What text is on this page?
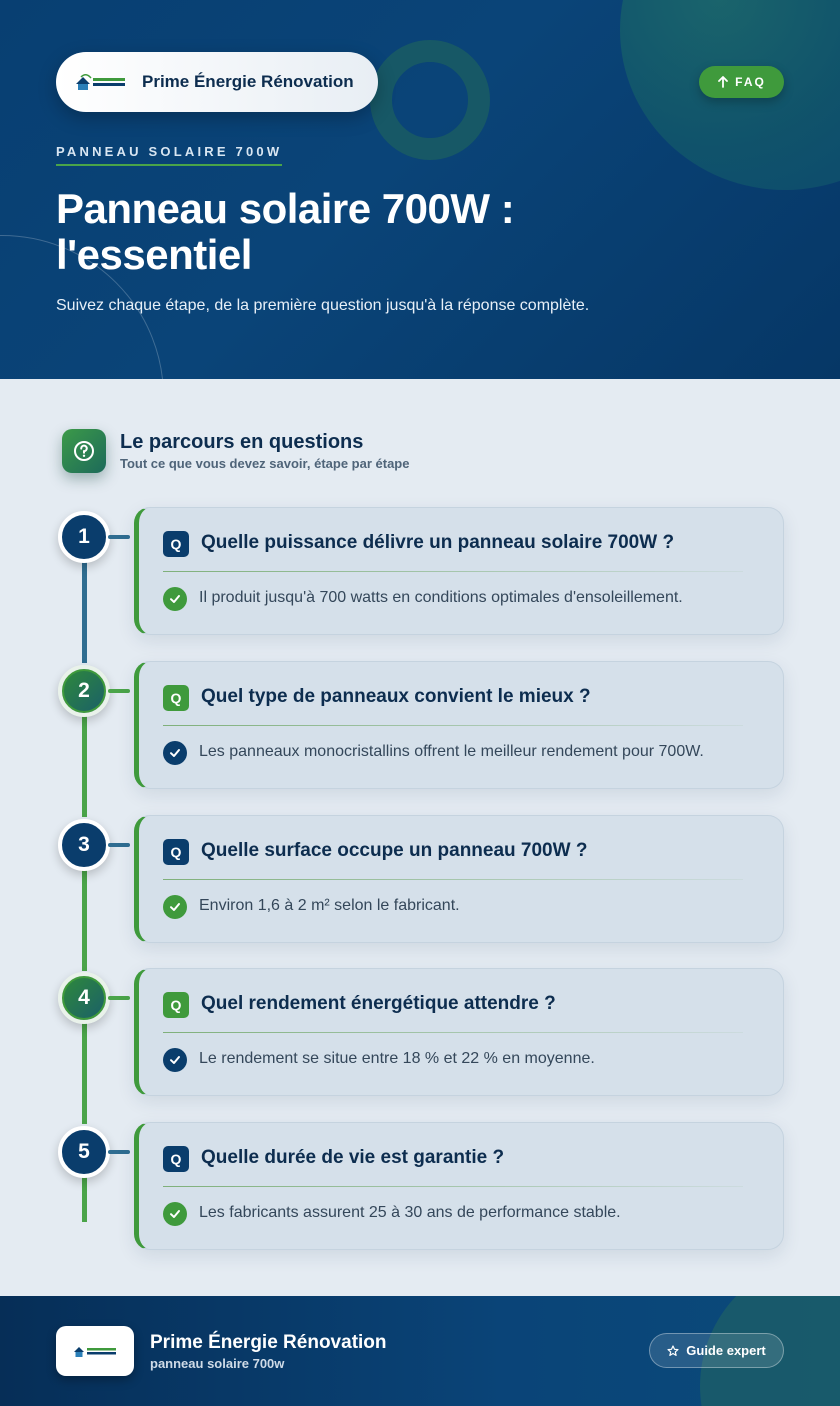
Prime Énergie Rénovation	FAQ
PANNEAU SOLAIRE 700W
Panneau solaire 700W : l'essentiel

Suivez chaque étape, de la première question jusqu'à la réponse complète.

Le parcours en questions
Tout ce que vous devez savoir, étape par étape
1	Q	Quelle puissance délivre un panneau solaire 700W ?
Il produit jusqu'à 700 watts en conditions optimales d'ensoleillement.
2	Q	Quel type de panneaux convient le mieux ?
Les panneaux monocristallins offrent le meilleur rendement pour 700W.
3	Q	Quelle surface occupe un panneau 700W ?
Environ 1,6 à 2 m² selon le fabricant.
4	Q	Quel rendement énergétique attendre ?
Le rendement se situe entre 18 % et 22 % en moyenne.
5	Q	Quelle durée de vie est garantie ?
Les fabricants assurent 25 à 30 ans de performance stable.
Prime Énergie Rénovation
panneau solaire 700w
Guide expert
